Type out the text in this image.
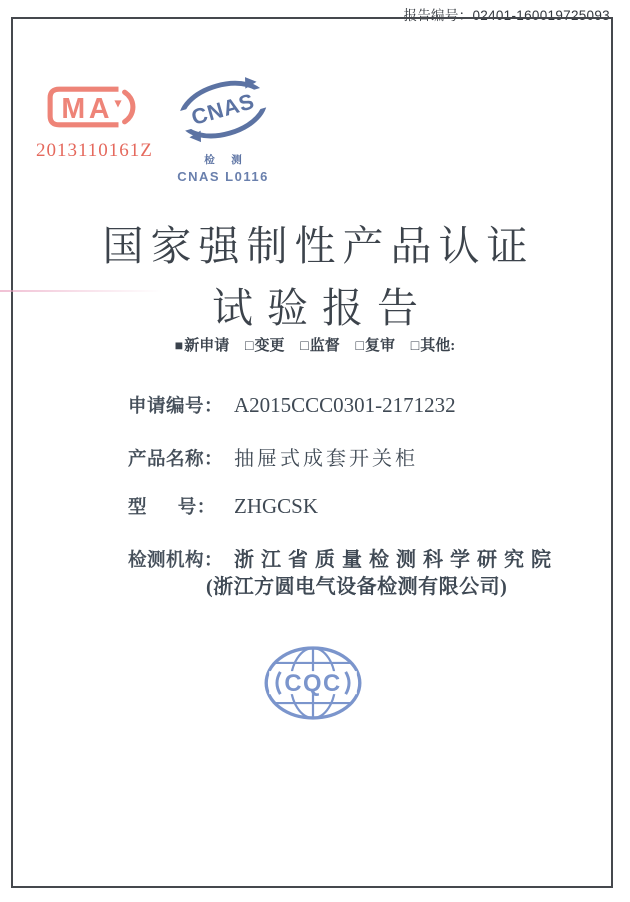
报告编号：02401-160019725093
M A
2013110161Z
CNAS
检 测
CNAS L0116
国家强制性产品认证
试验报告
■新申请 □变更 □监督 □复审 □其他:
申请编号： A2015CCC0301-2171232
产品名称： 抽屉式成套开关柜
型      号： ZHGCSK
检测机构： 浙江省质量检测科学研究院
(浙江方圆电气设备检测有限公司)
CQC
